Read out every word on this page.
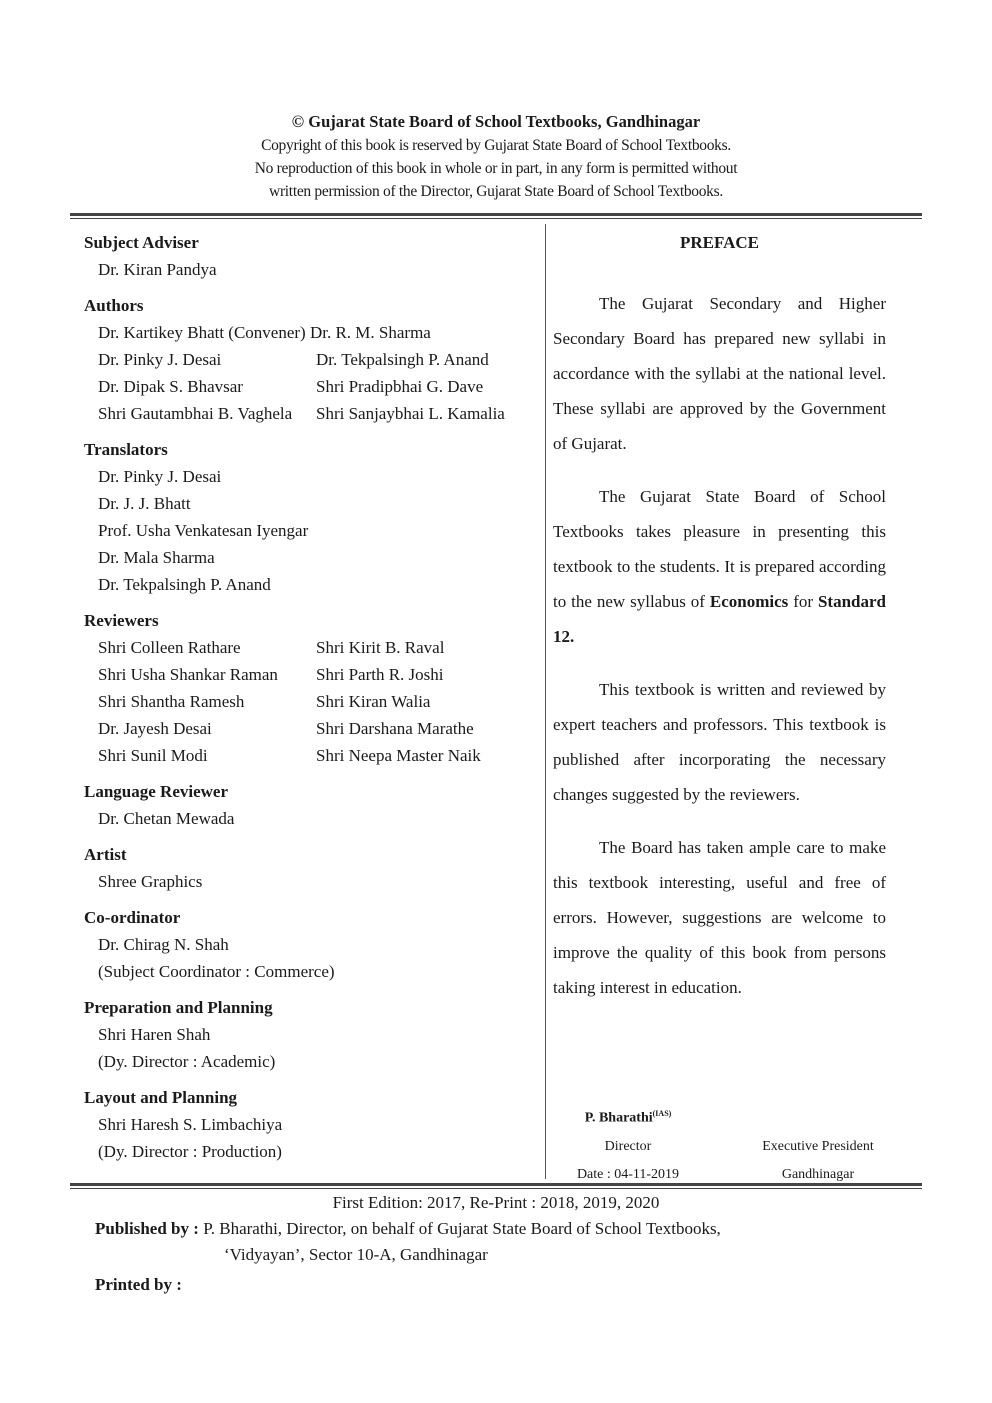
© Gujarat State Board of School Textbooks, Gandhinagar
Copyright of this book is reserved by Gujarat State Board of School Textbooks.
No reproduction of this book in whole or in part, in any form is permitted without
written permission of the Director, Gujarat State Board of School Textbooks.
Subject Adviser
Dr. Kiran Pandya
Authors
Dr. Kartikey Bhatt (Convener) Dr. R. M. Sharma
Dr. Pinky J. Desai	Dr. Tekpalsingh P. Anand
Dr. Dipak S. Bhavsar	Shri Pradipbhai G. Dave
Shri Gautambhai B. Vaghela	Shri Sanjaybhai L. Kamalia
Translators
Dr. Pinky J. Desai
Dr. J. J. Bhatt
Prof. Usha Venkatesan Iyengar
Dr. Mala Sharma
Dr. Tekpalsingh P. Anand
Reviewers
Shri Colleen Rathare	Shri Kirit B. Raval
Shri Usha Shankar Raman	Shri Parth R. Joshi
Shri Shantha Ramesh	Shri Kiran Walia
Dr. Jayesh Desai	Shri Darshana Marathe
Shri Sunil Modi	Shri Neepa Master Naik
Language Reviewer
Dr. Chetan Mewada
Artist
Shree Graphics
Co-ordinator
Dr. Chirag N. Shah
(Subject Coordinator : Commerce)
Preparation and Planning
Shri Haren Shah
(Dy. Director : Academic)
Layout and Planning
Shri Haresh S. Limbachiya
(Dy. Director : Production)
PREFACE

The Gujarat Secondary and Higher Secondary Board has prepared new syllabi in accordance with the syllabi at the national level. These syllabi are approved by the Government of Gujarat.

The Gujarat State Board of School Textbooks takes pleasure in presenting this textbook to the students. It is prepared according to the new syllabus of Economics for Standard 12.

This textbook is written and reviewed by expert teachers and professors. This textbook is published after incorporating the necessary changes suggested by the reviewers.

The Board has taken ample care to make this textbook interesting, useful and free of errors. However, suggestions are welcome to improve the quality of this book from persons taking interest in education.

P. Bharathi$^{(IAS)}$
Director	Executive President
Date : 04-11-2019	Gandhinagar
First Edition: 2017, Re-Print : 2018, 2019, 2020
Published by : P. Bharathi, Director, on behalf of Gujarat State Board of School Textbooks,
‘Vidyayan’, Sector 10-A, Gandhinagar
Printed by :
